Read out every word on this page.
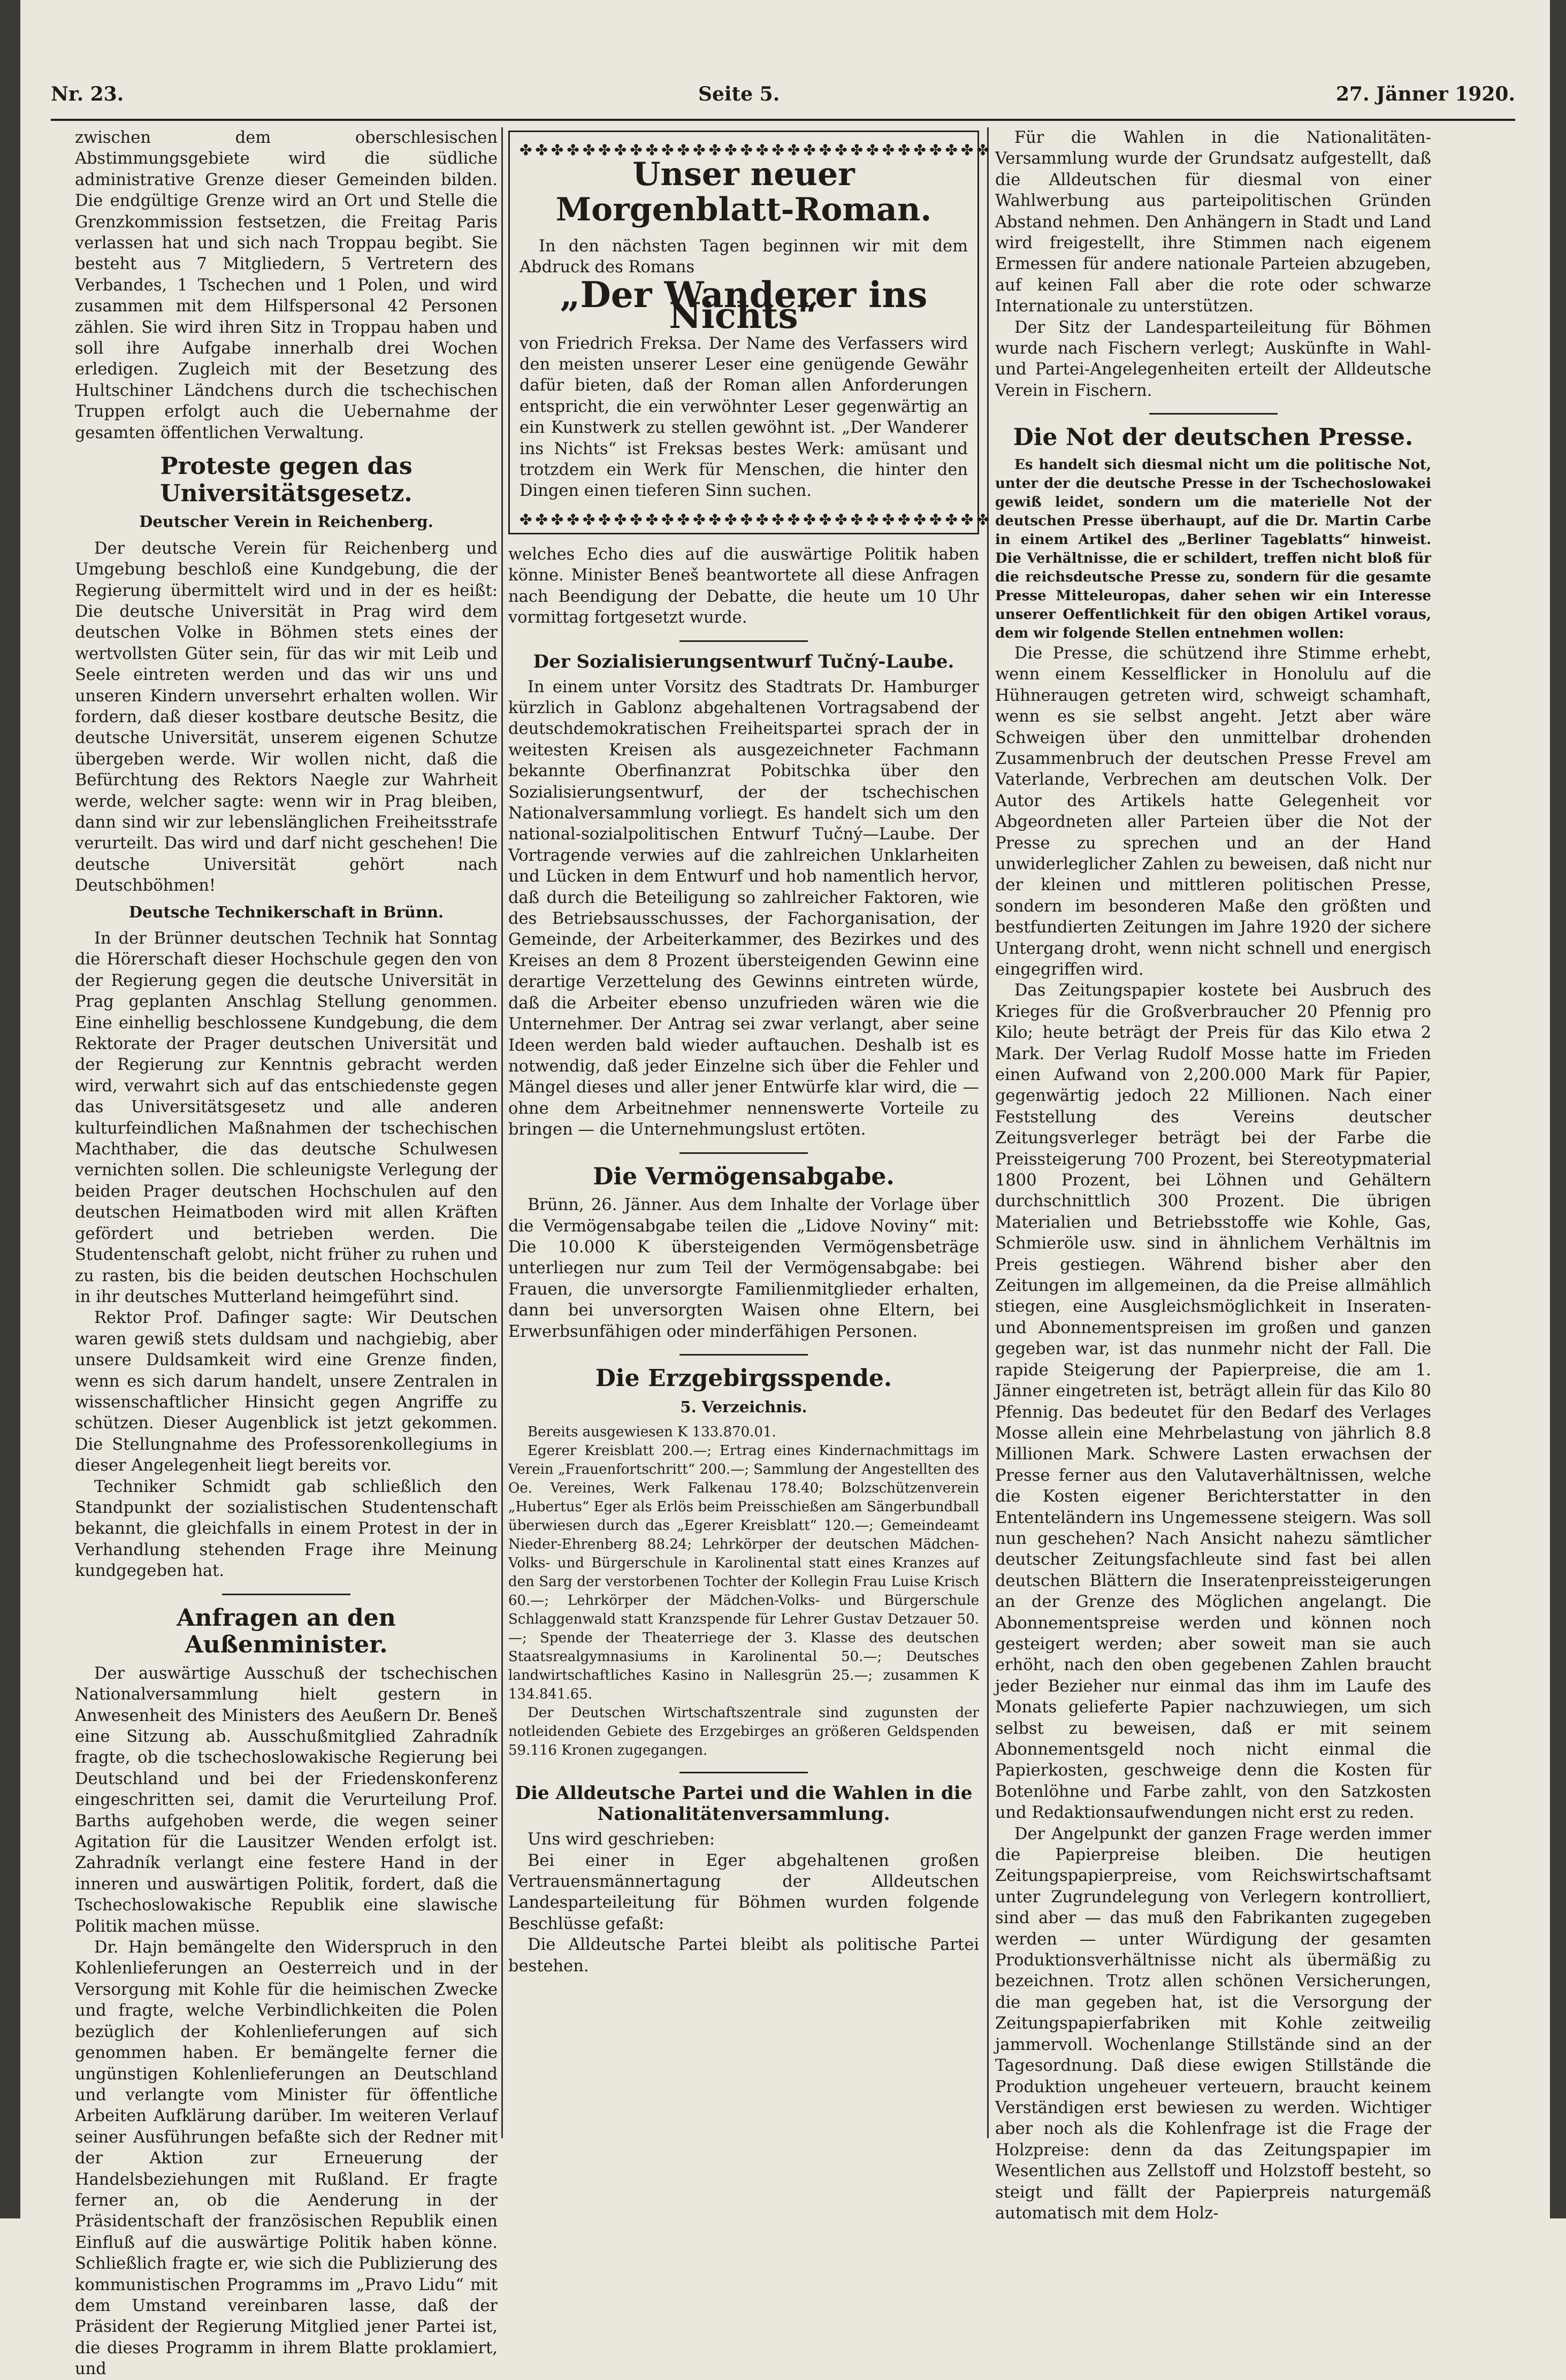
Nr. 23.	Seite 5.	27. Jänner 1920.

zwischen dem oberschlesischen Abstimmungsgebiete wird die südliche administrative Grenze dieser Gemeinden bilden. Die endgültige Grenze wird an Ort und Stelle die Grenzkommission festsetzen, die Freitag Paris verlassen hat und sich nach Troppau begibt. Sie besteht aus 7 Mitgliedern, 5 Vertretern des Verbandes, 1 Tschechen und 1 Polen, und wird zusammen mit dem Hilfspersonal 42 Personen zählen. Sie wird ihren Sitz in Troppau haben und soll ihre Aufgabe innerhalb drei Wochen erledigen. Zugleich mit der Besetzung des Hultschiner Ländchens durch die tschechischen Truppen erfolgt auch die Uebernahme der gesamten öffentlichen Verwaltung.

Proteste gegen das Universitätsgesetz.
Deutscher Verein in Reichenberg.

Der deutsche Verein für Reichenberg und Umgebung beschloß eine Kundgebung, die der Regierung übermittelt wird und in der es heißt: Die deutsche Universität in Prag wird dem deutschen Volke in Böhmen stets eines der wertvollsten Güter sein, für das wir mit Leib und Seele eintreten werden und das wir uns und unseren Kindern unversehrt erhalten wollen. Wir fordern, daß dieser kostbare deutsche Besitz, die deutsche Universität, unserem eigenen Schutze übergeben werde. Wir wollen nicht, daß die Befürchtung des Rektors Naegle zur Wahrheit werde, welcher sagte: wenn wir in Prag bleiben, dann sind wir zur lebenslänglichen Freiheitsstrafe verurteilt. Das wird und darf nicht geschehen! Die deutsche Universität gehört nach Deutschböhmen!

Deutsche Technikerschaft in Brünn.

In der Brünner deutschen Technik hat Sonntag die Hörerschaft dieser Hochschule gegen den von der Regierung gegen die deutsche Universität in Prag geplanten Anschlag Stellung genommen. Eine einhellig beschlossene Kundgebung, die dem Rektorate der Prager deutschen Universität und der Regierung zur Kenntnis gebracht werden wird, verwahrt sich auf das entschiedenste gegen das Universitätsgesetz und alle anderen kulturfeindlichen Maßnahmen der tschechischen Machthaber, die das deutsche Schulwesen vernichten sollen. Die schleunigste Verlegung der beiden Prager deutschen Hochschulen auf den deutschen Heimatboden wird mit allen Kräften gefördert und betrieben werden. Die Studentenschaft gelobt, nicht früher zu ruhen und zu rasten, bis die beiden deutschen Hochschulen in ihr deutsches Mutterland heimgeführt sind.

Rektor Prof. Dafinger sagte: Wir Deutschen waren gewiß stets duldsam und nachgiebig, aber unsere Duldsamkeit wird eine Grenze finden, wenn es sich darum handelt, unsere Zentralen in wissenschaftlicher Hinsicht gegen Angriffe zu schützen. Dieser Augenblick ist jetzt gekommen. Die Stellungnahme des Professorenkollegiums in dieser Angelegenheit liegt bereits vor.

Techniker Schmidt gab schließlich den Standpunkt der sozialistischen Studentenschaft bekannt, die gleichfalls in einem Protest in der in Verhandlung stehenden Frage ihre Meinung kundgegeben hat.

Anfragen an den Außenminister.

Der auswärtige Ausschuß der tschechischen Nationalversammlung hielt gestern in Anwesenheit des Ministers des Aeußern Dr. Beneš eine Sitzung ab. Ausschußmitglied Zahradník fragte, ob die tschechoslowakische Regierung bei Deutschland und bei der Friedenskonferenz eingeschritten sei, damit die Verurteilung Prof. Barths aufgehoben werde, die wegen seiner Agitation für die Lausitzer Wenden erfolgt ist. Zahradník verlangt eine festere Hand in der inneren und auswärtigen Politik, fordert, daß die Tschechoslowakische Republik eine slawische Politik machen müsse.

Dr. Hajn bemängelte den Widerspruch in den Kohlenlieferungen an Oesterreich und in der Versorgung mit Kohle für die heimischen Zwecke und fragte, welche Verbindlichkeiten die Polen bezüglich der Kohlenlieferungen auf sich genommen haben. Er bemängelte ferner die ungünstigen Kohlenlieferungen an Deutschland und verlangte vom Minister für öffentliche Arbeiten Aufklärung darüber. Im weiteren Verlauf seiner Ausführungen befaßte sich der Redner mit der Aktion zur Erneuerung der Handelsbeziehungen mit Rußland. Er fragte ferner an, ob die Aenderung in der Präsidentschaft der französischen Republik einen Einfluß auf die auswärtige Politik haben könne. Schließlich fragte er, wie sich die Publizierung des kommunistischen Programms im „Pravo Lidu“ mit dem Umstand vereinbaren lasse, daß der Präsident der Regierung Mitglied jener Partei ist, die dieses Programm in ihrem Blatte proklamiert, und

✤✤✤✤✤✤✤✤✤✤✤✤✤✤✤✤✤✤✤✤✤✤✤✤✤✤✤✤✤✤
Unser neuer Morgenblatt-Roman.

In den nächsten Tagen beginnen wir mit dem Abdruck des Romans

„Der Wanderer ins Nichts“

von Friedrich Freksa. Der Name des Verfassers wird den meisten unserer Leser eine genügende Gewähr dafür bieten, daß der Roman allen Anforderungen entspricht, die ein verwöhnter Leser gegenwärtig an ein Kunstwerk zu stellen gewöhnt ist. „Der Wanderer ins Nichts“ ist Freksas bestes Werk: amüsant und trotzdem ein Werk für Menschen, die hinter den Dingen einen tieferen Sinn suchen.

✤✤✤✤✤✤✤✤✤✤✤✤✤✤✤✤✤✤✤✤✤✤✤✤✤✤✤✤✤✤

welches Echo dies auf die auswärtige Politik haben könne. Minister Beneš beantwortete all diese Anfragen nach Beendigung der Debatte, die heute um 10 Uhr vormittag fortgesetzt wurde.

Der Sozialisierungsentwurf Tučný-Laube.

In einem unter Vorsitz des Stadtrats Dr. Hamburger kürzlich in Gablonz abgehaltenen Vortragsabend der deutschdemokratischen Freiheitspartei sprach der in weitesten Kreisen als ausgezeichneter Fachmann bekannte Oberfinanzrat Pobitschka über den Sozialisierungsentwurf, der der tschechischen Nationalversammlung vorliegt. Es handelt sich um den national-sozialpolitischen Entwurf Tučný—Laube. Der Vortragende verwies auf die zahlreichen Unklarheiten und Lücken in dem Entwurf und hob namentlich hervor, daß durch die Beteiligung so zahlreicher Faktoren, wie des Betriebsausschusses, der Fachorganisation, der Gemeinde, der Arbeiterkammer, des Bezirkes und des Kreises an dem 8 Prozent übersteigenden Gewinn eine derartige Verzettelung des Gewinns eintreten würde, daß die Arbeiter ebenso unzufrieden wären wie die Unternehmer. Der Antrag sei zwar verlangt, aber seine Ideen werden bald wieder auftauchen. Deshalb ist es notwendig, daß jeder Einzelne sich über die Fehler und Mängel dieses und aller jener Entwürfe klar wird, die — ohne dem Arbeitnehmer nennenswerte Vorteile zu bringen — die Unternehmungslust ertöten.

Die Vermögensabgabe.

Brünn, 26. Jänner. Aus dem Inhalte der Vorlage über die Vermögensabgabe teilen die „Lidove Noviny“ mit: Die 10.000 K übersteigenden Vermögensbeträge unterliegen nur zum Teil der Vermögensabgabe: bei Frauen, die unversorgte Familienmitglieder erhalten, dann bei unversorgten Waisen ohne Eltern, bei Erwerbsunfähigen oder minderfähigen Personen.

Die Erzgebirgsspende.
5. Verzeichnis.

Bereits ausgewiesen K 133.870.01.

Egerer Kreisblatt 200.—; Ertrag eines Kindernachmittags im Verein „Frauenfortschritt“ 200.—; Sammlung der Angestellten des Oe. Vereines, Werk Falkenau 178.40; Bolzschützenverein „Hubertus“ Eger als Erlös beim Preisschießen am Sängerbundball überwiesen durch das „Egerer Kreisblatt“ 120.—; Gemeindeamt Nieder-Ehrenberg 88.24; Lehrkörper der deutschen Mädchen-Volks- und Bürgerschule in Karolinental statt eines Kranzes auf den Sarg der verstorbenen Tochter der Kollegin Frau Luise Krisch 60.—; Lehrkörper der Mädchen-Volks- und Bürgerschule Schlaggenwald statt Kranzspende für Lehrer Gustav Detzauer 50.—; Spende der Theaterriege der 3. Klasse des deutschen Staatsrealgymnasiums in Karolinental 50.—; Deutsches landwirtschaftliches Kasino in Nallesgrün 25.—; zusammen K 134.841.65.

Der Deutschen Wirtschaftszentrale sind zugunsten der notleidenden Gebiete des Erzgebirges an größeren Geldspenden 59.116 Kronen zugegangen.

Die Alldeutsche Partei und die Wahlen in die Nationalitätenversammlung.

Uns wird geschrieben:

Bei einer in Eger abgehaltenen großen Vertrauensmännertagung der Alldeutschen Landesparteileitung für Böhmen wurden folgende Beschlüsse gefaßt:

Die Alldeutsche Partei bleibt als politische Partei bestehen.

Für die Wahlen in die Nationalitäten-Versammlung wurde der Grundsatz aufgestellt, daß die Alldeutschen für diesmal von einer Wahlwerbung aus parteipolitischen Gründen Abstand nehmen. Den Anhängern in Stadt und Land wird freigestellt, ihre Stimmen nach eigenem Ermessen für andere nationale Parteien abzugeben, auf keinen Fall aber die rote oder schwarze Internationale zu unterstützen.

Der Sitz der Landesparteileitung für Böhmen wurde nach Fischern verlegt; Auskünfte in Wahl- und Partei-Angelegenheiten erteilt der Alldeutsche Verein in Fischern.

Die Not der deutschen Presse.

Es handelt sich diesmal nicht um die politische Not, unter der die deutsche Presse in der Tschechoslowakei gewiß leidet, sondern um die materielle Not der deutschen Presse überhaupt, auf die Dr. Martin Carbe in einem Artikel des „Berliner Tageblatts“ hinweist. Die Verhältnisse, die er schildert, treffen nicht bloß für die reichsdeutsche Presse zu, sondern für die gesamte Presse Mitteleuropas, daher sehen wir ein Interesse unserer Oeffentlichkeit für den obigen Artikel voraus, dem wir folgende Stellen entnehmen wollen:

Die Presse, die schützend ihre Stimme erhebt, wenn einem Kesselflicker in Honolulu auf die Hühneraugen getreten wird, schweigt schamhaft, wenn es sie selbst angeht. Jetzt aber wäre Schweigen über den unmittelbar drohenden Zusammenbruch der deutschen Presse Frevel am Vaterlande, Verbrechen am deutschen Volk. Der Autor des Artikels hatte Gelegenheit vor Abgeordneten aller Parteien über die Not der Presse zu sprechen und an der Hand unwiderleglicher Zahlen zu beweisen, daß nicht nur der kleinen und mittleren politischen Presse, sondern im besonderen Maße den größten und bestfundierten Zeitungen im Jahre 1920 der sichere Untergang droht, wenn nicht schnell und energisch eingegriffen wird.

Das Zeitungspapier kostete bei Ausbruch des Krieges für die Großverbraucher 20 Pfennig pro Kilo; heute beträgt der Preis für das Kilo etwa 2 Mark. Der Verlag Rudolf Mosse hatte im Frieden einen Aufwand von 2,200.000 Mark für Papier, gegenwärtig jedoch 22 Millionen. Nach einer Feststellung des Vereins deutscher Zeitungsverleger beträgt bei der Farbe die Preissteigerung 700 Prozent, bei Stereotypmaterial 1800 Prozent, bei Löhnen und Gehältern durchschnittlich 300 Prozent. Die übrigen Materialien und Betriebsstoffe wie Kohle, Gas, Schmieröle usw. sind in ähnlichem Verhältnis im Preis gestiegen. Während bisher aber den Zeitungen im allgemeinen, da die Preise allmählich stiegen, eine Ausgleichsmöglichkeit in Inseraten- und Abonnementspreisen im großen und ganzen gegeben war, ist das nunmehr nicht der Fall. Die rapide Steigerung der Papierpreise, die am 1. Jänner eingetreten ist, beträgt allein für das Kilo 80 Pfennig. Das bedeutet für den Bedarf des Verlages Mosse allein eine Mehrbelastung von jährlich 8.8 Millionen Mark. Schwere Lasten erwachsen der Presse ferner aus den Valutaverhältnissen, welche die Kosten eigener Berichterstatter in den Ententeländern ins Ungemessene steigern. Was soll nun geschehen? Nach Ansicht nahezu sämtlicher deutscher Zeitungsfachleute sind fast bei allen deutschen Blättern die Inseratenpreissteigerungen an der Grenze des Möglichen angelangt. Die Abonnementspreise werden und können noch gesteigert werden; aber soweit man sie auch erhöht, nach den oben gegebenen Zahlen braucht jeder Bezieher nur einmal das ihm im Laufe des Monats gelieferte Papier nachzuwiegen, um sich selbst zu beweisen, daß er mit seinem Abonnementsgeld noch nicht einmal die Papierkosten, geschweige denn die Kosten für Botenlöhne und Farbe zahlt, von den Satzkosten und Redaktionsaufwendungen nicht erst zu reden.

Der Angelpunkt der ganzen Frage werden immer die Papierpreise bleiben. Die heutigen Zeitungspapierpreise, vom Reichswirtschaftsamt unter Zugrundelegung von Verlegern kontrolliert, sind aber — das muß den Fabrikanten zugegeben werden — unter Würdigung der gesamten Produktionsverhältnisse nicht als übermäßig zu bezeichnen. Trotz allen schönen Versicherungen, die man gegeben hat, ist die Versorgung der Zeitungspapierfabriken mit Kohle zeitweilig jammervoll. Wochenlange Stillstände sind an der Tagesordnung. Daß diese ewigen Stillstände die Produktion ungeheuer verteuern, braucht keinem Verständigen erst bewiesen zu werden. Wichtiger aber noch als die Kohlenfrage ist die Frage der Holzpreise: denn da das Zeitungspapier im Wesentlichen aus Zellstoff und Holzstoff besteht, so steigt und fällt der Papierpreis naturgemäß automatisch mit dem Holz-
